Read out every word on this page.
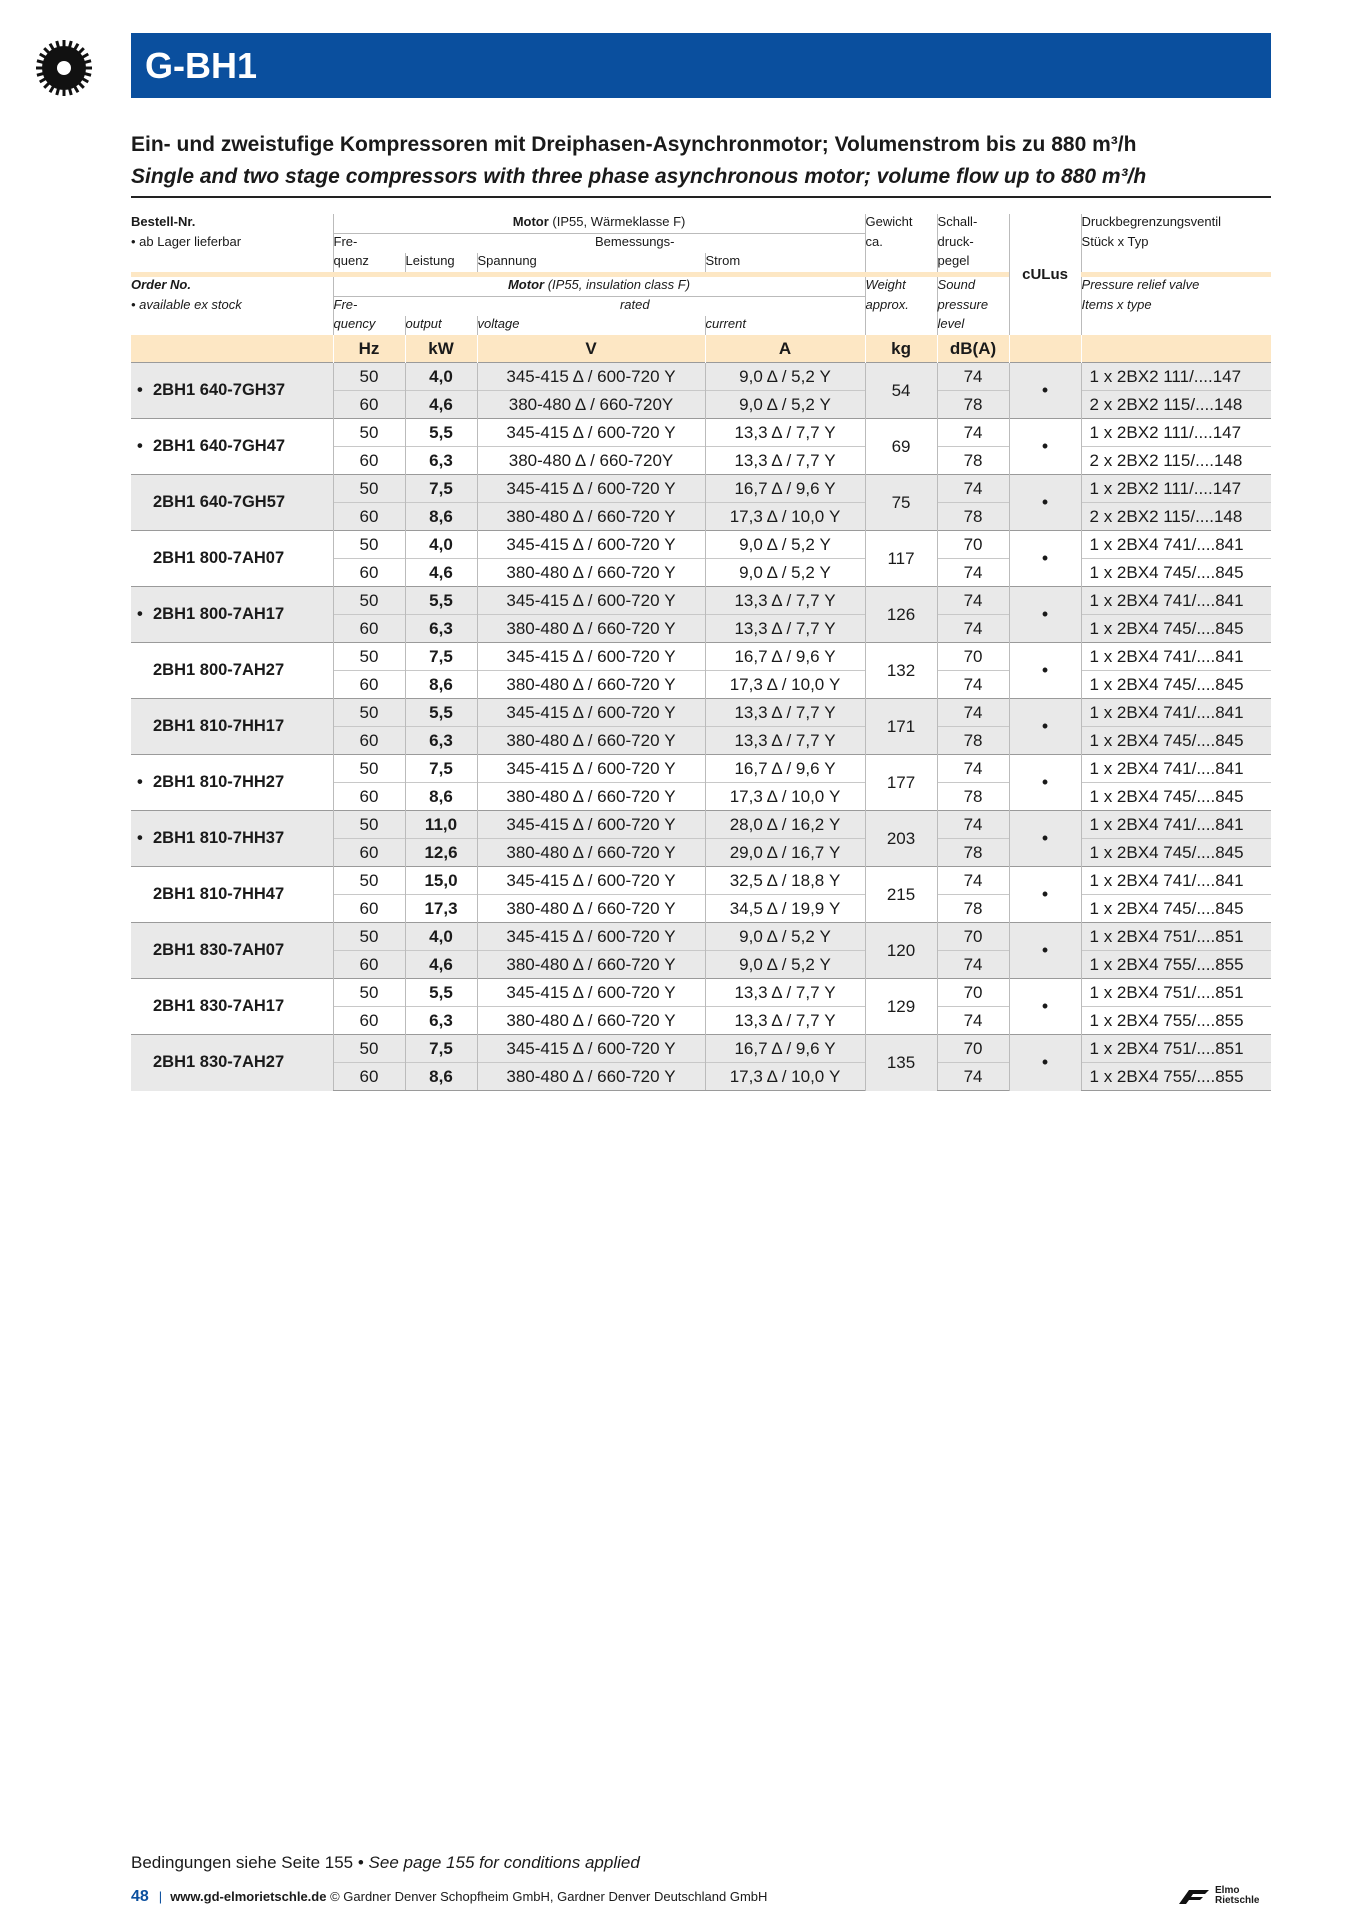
G-BH1
Ein- und zweistufige Kompressoren mit Dreiphasen-Asynchronmotor; Volumenstrom bis zu 880 m³/h
Single and two stage compressors with three phase asynchronous motor; volume flow up to 880 m³/h
Bestell-Nr.	Motor (IP55, Wärmeklasse F)				Gewicht	Schall-	cULus	Druckbegrenzungsventil
• ab Lager lieferbar	Fre-	Bemessungs-			ca.	druck-		Stück x Typ
	quenz	Leistung	Spannung	Strom		pegel		

Order No.	Motor (IP55, insulation class F)				Weight	Sound		Pressure relief valve
• available ex stock	Fre-	rated			approx.	pressure		Items x type
	quency	output	voltage	current		level		
	Hz	kW	V	A	kg	dB(A)		
• 2BH1 640-7GH37	50	4,0	345-415 Δ / 600-720 Y	9,0 Δ / 5,2 Y	54	74	•	1 x 2BX2 111/....147
	60	4,6	380-480 Δ / 660-720Y	9,0 Δ / 5,2 Y		78		2 x 2BX2 115/....148
• 2BH1 640-7GH47	50	5,5	345-415 Δ / 600-720 Y	13,3 Δ / 7,7 Y	69	74	•	1 x 2BX2 111/....147
	60	6,3	380-480 Δ / 660-720Y	13,3 Δ / 7,7 Y		78		2 x 2BX2 115/....148
2BH1 640-7GH57	50	7,5	345-415 Δ / 600-720 Y	16,7 Δ / 9,6 Y	75	74	•	1 x 2BX2 111/....147
	60	8,6	380-480 Δ / 660-720 Y	17,3 Δ / 10,0 Y		78		2 x 2BX2 115/....148
2BH1 800-7AH07	50	4,0	345-415 Δ / 600-720 Y	9,0 Δ / 5,2 Y	117	70	•	1 x 2BX4 741/....841
	60	4,6	380-480 Δ / 660-720 Y	9,0 Δ / 5,2 Y		74		1 x 2BX4 745/....845
• 2BH1 800-7AH17	50	5,5	345-415 Δ / 600-720 Y	13,3 Δ / 7,7 Y	126	74	•	1 x 2BX4 741/....841
	60	6,3	380-480 Δ / 660-720 Y	13,3 Δ / 7,7 Y		74		1 x 2BX4 745/....845
2BH1 800-7AH27	50	7,5	345-415 Δ / 600-720 Y	16,7 Δ / 9,6 Y	132	70	•	1 x 2BX4 741/....841
	60	8,6	380-480 Δ / 660-720 Y	17,3 Δ / 10,0 Y		74		1 x 2BX4 745/....845
2BH1 810-7HH17	50	5,5	345-415 Δ / 600-720 Y	13,3 Δ / 7,7 Y	171	74	•	1 x 2BX4 741/....841
	60	6,3	380-480 Δ / 660-720 Y	13,3 Δ / 7,7 Y		78		1 x 2BX4 745/....845
• 2BH1 810-7HH27	50	7,5	345-415 Δ / 600-720 Y	16,7 Δ / 9,6 Y	177	74	•	1 x 2BX4 741/....841
	60	8,6	380-480 Δ / 660-720 Y	17,3 Δ / 10,0 Y		78		1 x 2BX4 745/....845
• 2BH1 810-7HH37	50	11,0	345-415 Δ / 600-720 Y	28,0 Δ / 16,2 Y	203	74	•	1 x 2BX4 741/....841
	60	12,6	380-480 Δ / 660-720 Y	29,0 Δ / 16,7 Y		78		1 x 2BX4 745/....845
2BH1 810-7HH47	50	15,0	345-415 Δ / 600-720 Y	32,5 Δ / 18,8 Y	215	74	•	1 x 2BX4 741/....841
	60	17,3	380-480 Δ / 660-720 Y	34,5 Δ / 19,9 Y		78		1 x 2BX4 745/....845
2BH1 830-7AH07	50	4,0	345-415 Δ / 600-720 Y	9,0 Δ / 5,2 Y	120	70	•	1 x 2BX4 751/....851
	60	4,6	380-480 Δ / 660-720 Y	9,0 Δ / 5,2 Y		74		1 x 2BX4 755/....855
2BH1 830-7AH17	50	5,5	345-415 Δ / 600-720 Y	13,3 Δ / 7,7 Y	129	70	•	1 x 2BX4 751/....851
	60	6,3	380-480 Δ / 660-720 Y	13,3 Δ / 7,7 Y		74		1 x 2BX4 755/....855
2BH1 830-7AH27	50	7,5	345-415 Δ / 600-720 Y	16,7 Δ / 9,6 Y	135	70	•	1 x 2BX4 751/....851
	60	8,6	380-480 Δ / 660-720 Y	17,3 Δ / 10,0 Y		74		1 x 2BX4 755/....855
Bedingungen siehe Seite 155 • See page 155 for conditions applied
48 | www.gd-elmorietschle.de © Gardner Denver Schopfheim GmbH, Gardner Denver Deutschland GmbH	Elmo
Rietschle
